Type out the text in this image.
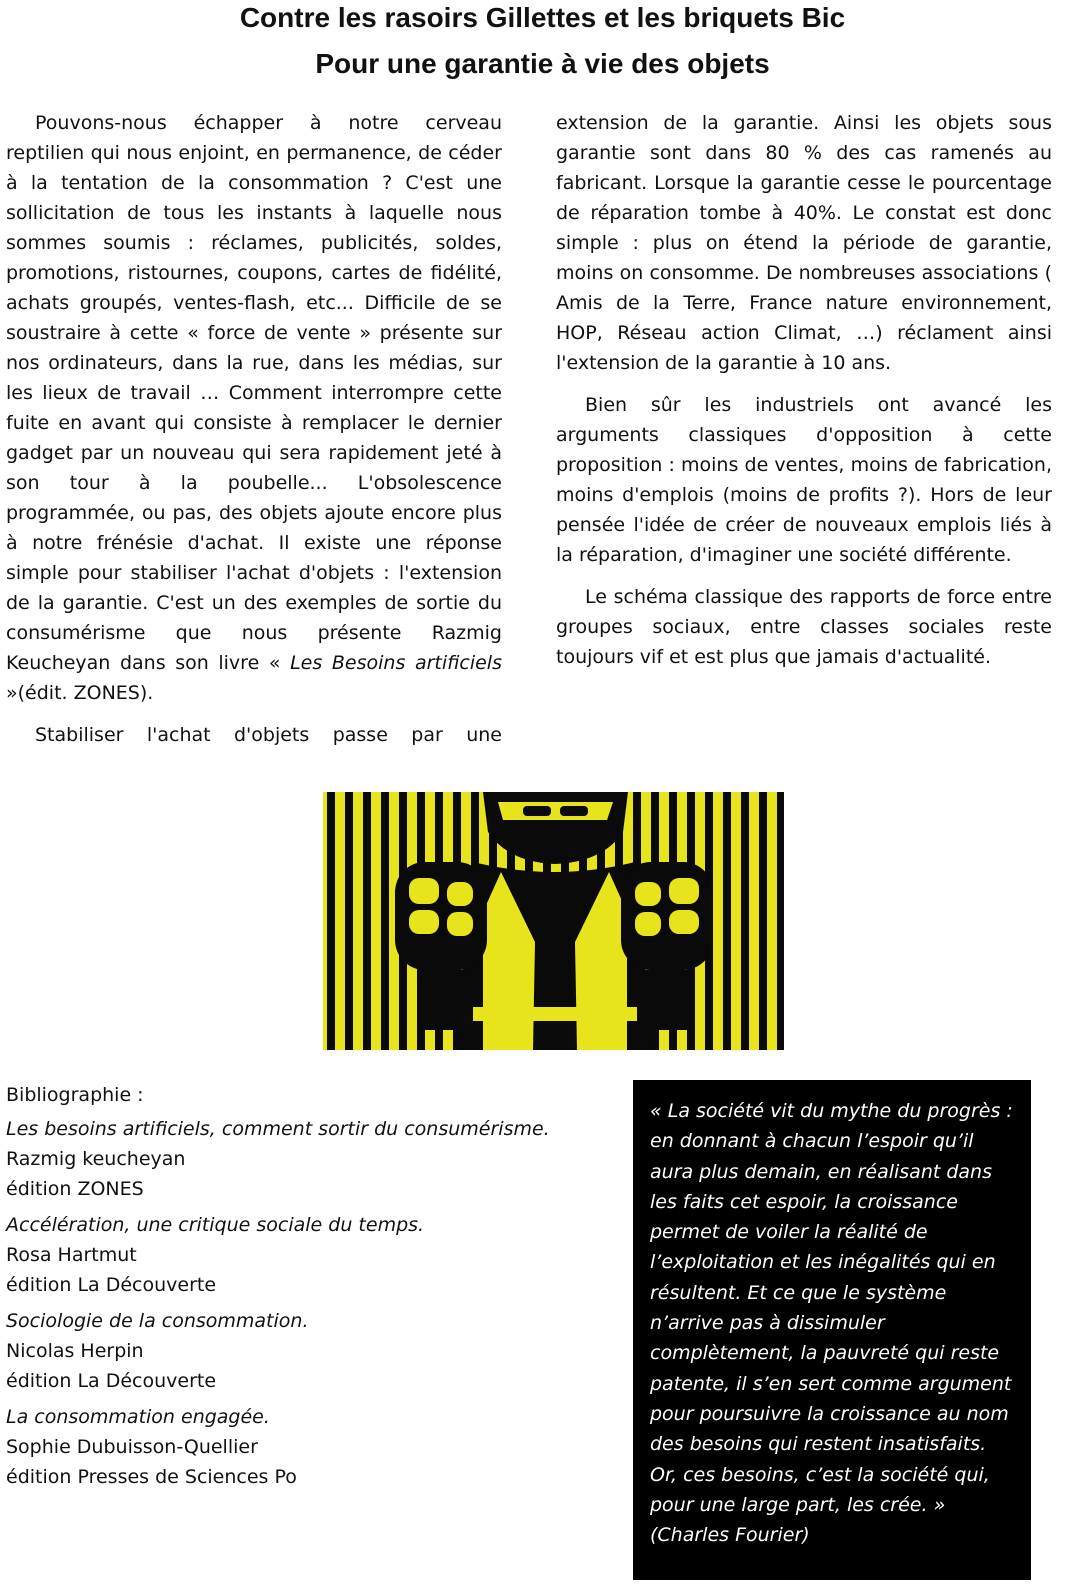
Contre les rasoirs Gillettes et les briquets Bic
Pour une garantie à vie des objets

Pouvons-nous échapper à notre cerveau reptilien qui nous enjoint, en permanence, de céder à la tentation de la consommation ? C'est une sollicitation de tous les instants à laquelle nous sommes soumis : réclames, publicités, soldes, promotions, ristournes, coupons, cartes de fidélité, achats groupés, ventes-flash, etc... Difficile de se soustraire à cette « force de vente » présente sur nos ordinateurs, dans la rue, dans les médias, sur les lieux de travail … Comment interrompre cette fuite en avant qui consiste à remplacer le dernier gadget par un nouveau qui sera rapidement jeté à son tour à la poubelle... L'obsolescence programmée, ou pas, des objets ajoute encore plus à notre frénésie d'achat. Il existe une réponse simple pour stabiliser l'achat d'objets : l'extension de la garantie. C'est un des exemples de sortie du consumérisme que nous présente Razmig Keucheyan dans son livre « Les Besoins artificiels »(édit. ZONES).

Stabiliser l'achat d'objets passe par une

extension de la garantie. Ainsi les objets sous garantie sont dans 80 % des cas ramenés au fabricant. Lorsque la garantie cesse le pourcentage de réparation tombe à 40%. Le constat est donc simple : plus on étend la période de garantie, moins on consomme. De nombreuses associations ( Amis de la Terre, France nature environnement, HOP, Réseau action Climat, …) réclament ainsi l'extension de la garantie à 10 ans.

Bien sûr les industriels ont avancé les arguments classiques d'opposition à cette proposition : moins de ventes, moins de fabrication, moins d'emplois (moins de profits ?). Hors de leur pensée l'idée de créer de nouveaux emplois liés à la réparation, d'imaginer une société différente.

Le schéma classique des rapports de force entre groupes sociaux, entre classes sociales reste toujours vif et est plus que jamais d'actualité.

Bibliographie :
Les besoins artificiels, comment sortir du consumérisme.
Razmig keucheyan
édition ZONES
Accélération, une critique sociale du temps.
Rosa Hartmut
édition La Découverte
Sociologie de la consommation.
Nicolas Herpin
édition La Découverte
La consommation engagée.
Sophie Dubuisson-Quellier
édition Presses de Sciences Po
« La société vit du mythe du progrès : en donnant à chacun l’espoir qu’il aura plus demain, en réalisant dans les faits cet espoir, la croissance permet de voiler la réalité de l’exploitation et les inégalités qui en résultent. Et ce que le système n’arrive pas à dissimuler complètement, la pauvreté qui reste patente, il s’en sert comme argument pour poursuivre la croissance au nom des besoins qui restent insatisfaits. Or, ces besoins, c’est la société qui, pour une large part, les crée. » (Charles Fourier)
